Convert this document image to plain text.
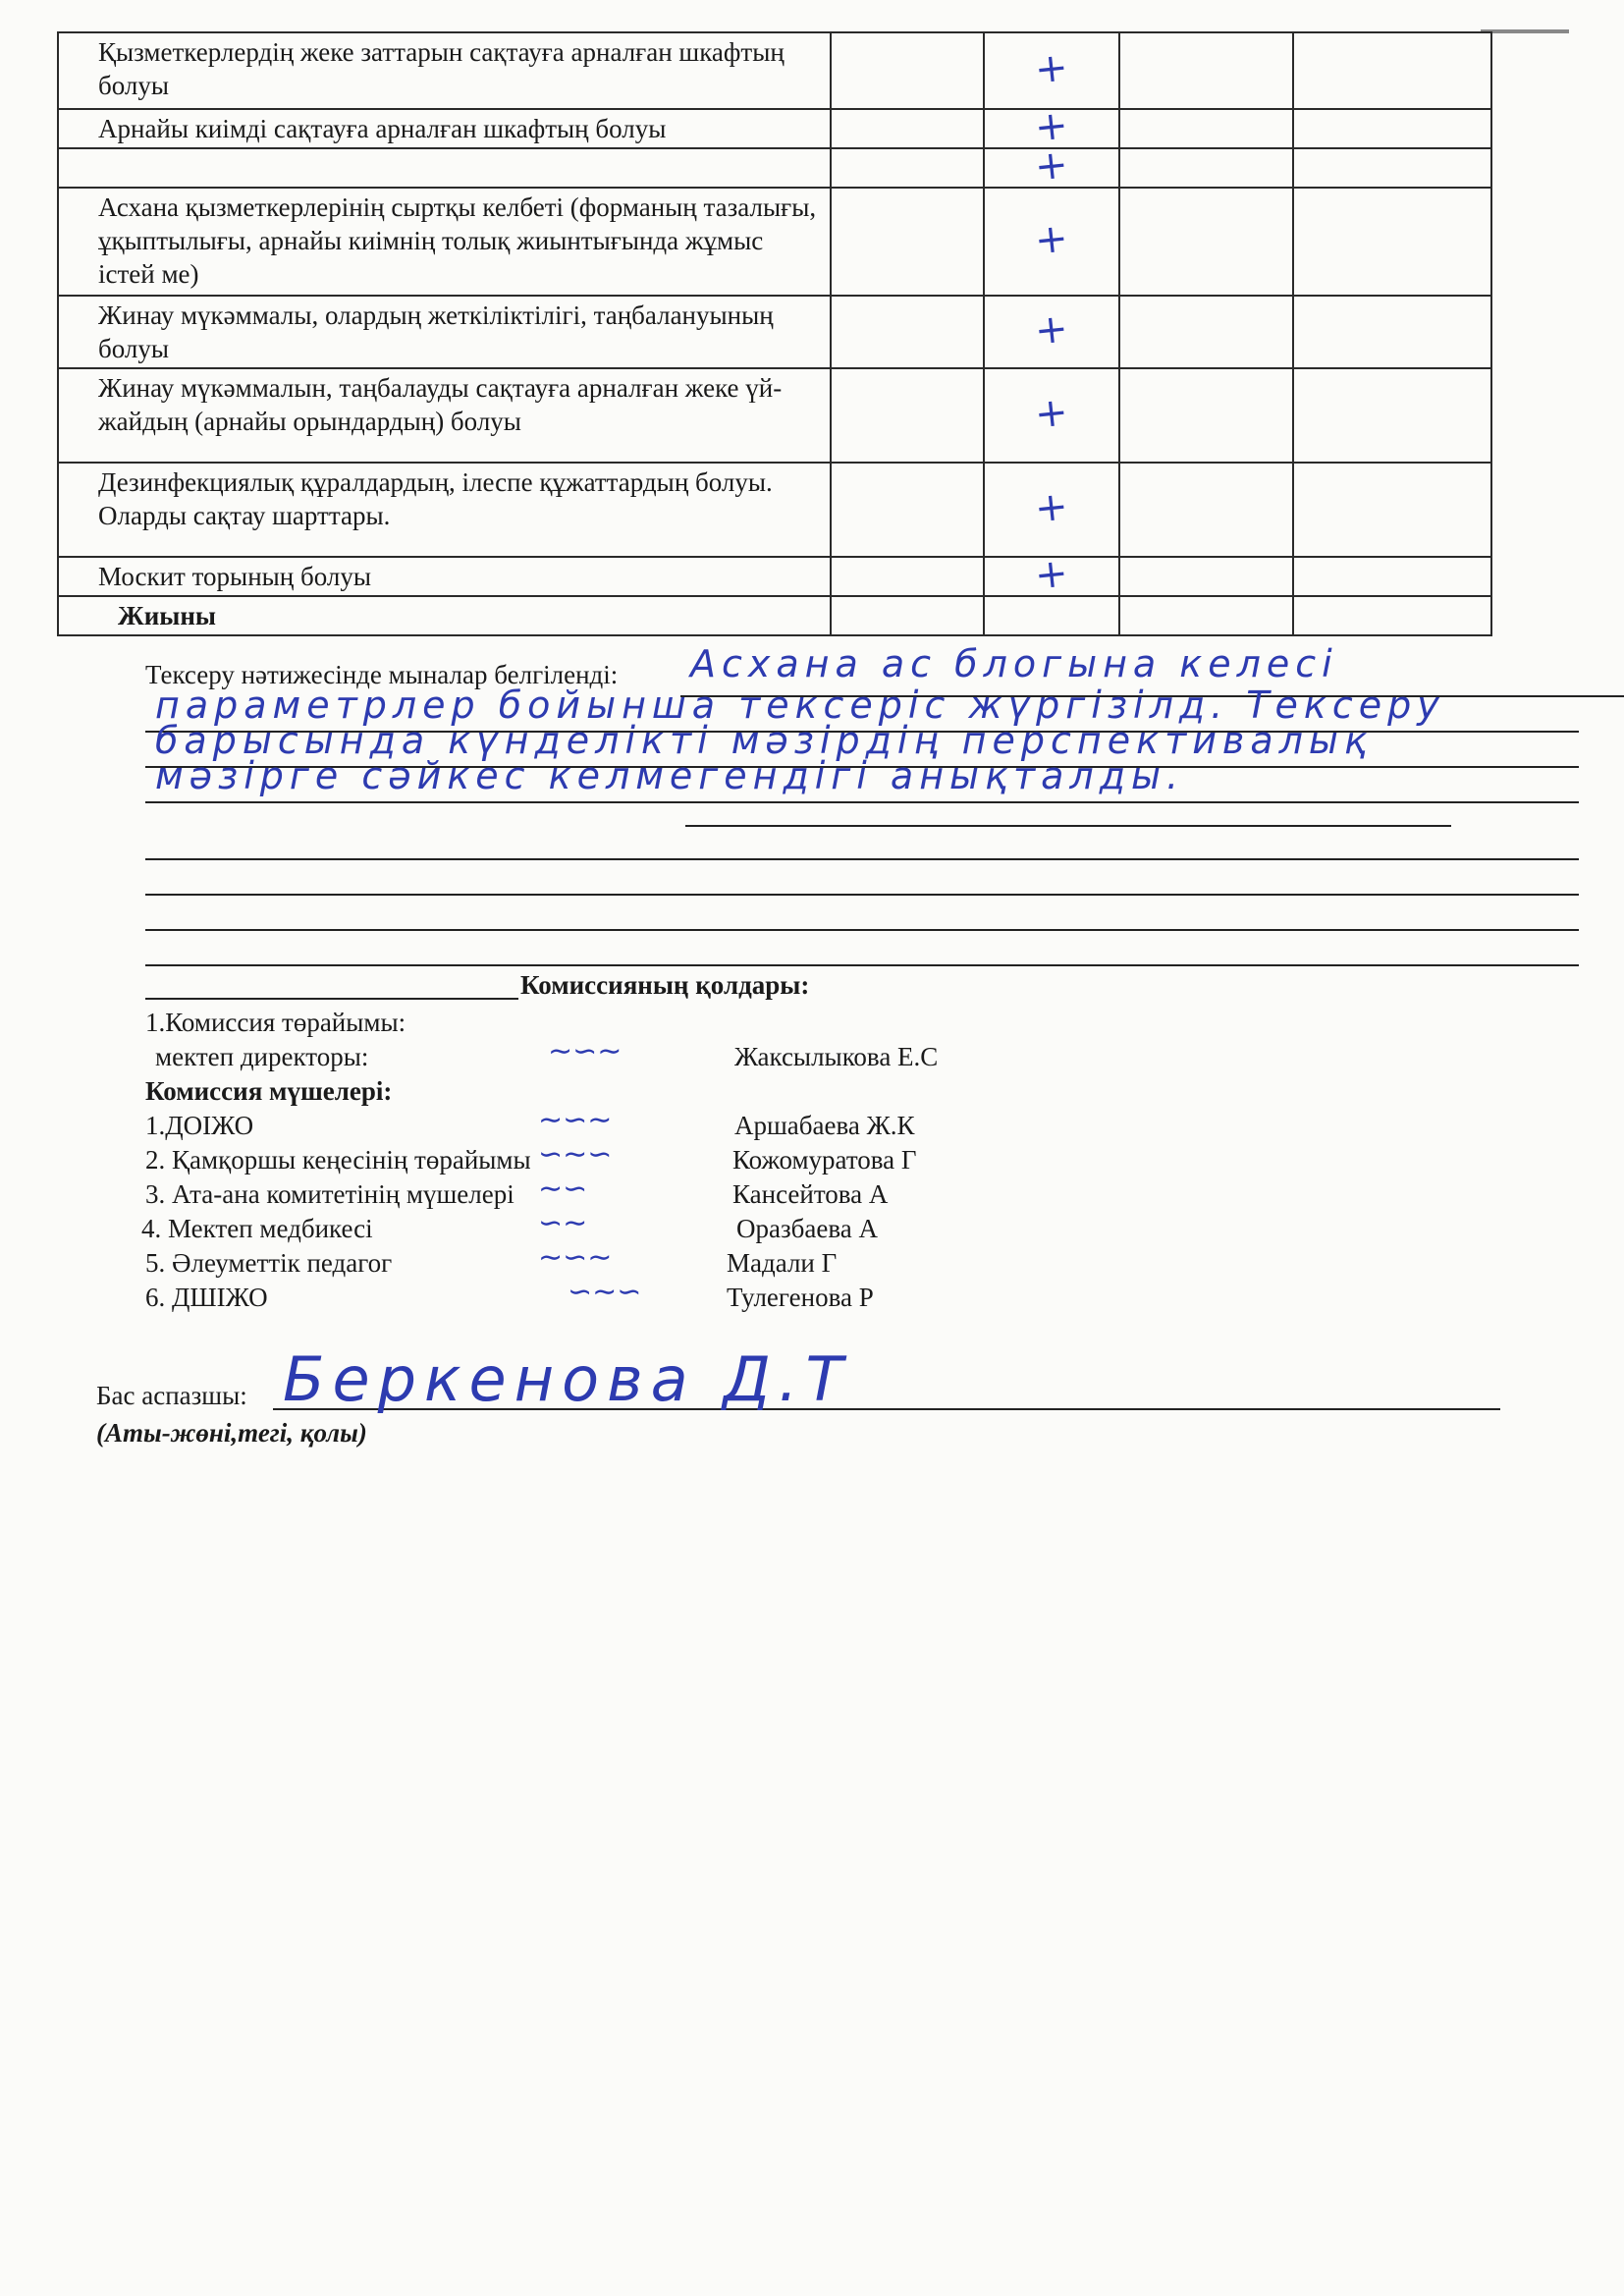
Қызметкерлердің жеке заттарын сақтауға арналған шкафтың болуы		+		
Арнайы киімді сақтауға арналған шкафтың болуы		+		
		+		
Асхана қызметкерлерінің сыртқы келбеті (форманың тазалығы, ұқыптылығы, арнайы киімнің толық жиынтығында жұмыс істей ме)		+		
Жинау мүкәммалы, олардың жеткіліктілігі, таңбалануының болуы		+		
Жинау мүкәммалын, таңбалауды сақтауға арналған жеке үй-жайдың (арнайы орындардың) болуы		+		
Дезинфекциялық құралдардың, ілеспе құжаттардың болуы. Оларды сақтау шарттары.		+		
Москит торының болуы		+		
Жиыны				
Тексеру нәтижесінде мыналар белгіленді: Асхана ас блогына келесі
параметрлер бойынша тексеріс жүргізілд. Тексеру
барысында күнделікті мәзірдің перспективалық
мәзірге сәйкес келмегендігі анықталды.
Комиссияның қолдары:
1.Комиссия төрайымы:
мектеп директоры:	∼∽∼	Жаксылыкова Е.С
Комиссия мүшелері:
1.ДОІЖО	∼∽∼	Аршабаева Ж.К
2. Қамқоршы кеңесінің төрайымы ∽∼∽	Кожомуратова Г
3. Ата-ана комитетінің мүшелері ∼∽	Кансейтова А
4. Мектеп медбикесі	∽∼	Оразбаева А
5. Әлеуметтік педагог	∼∽∼	Мадали Г
6. ДШІЖО	∽∼∽	Тулегенова Р
Бас аспазшы: Беркенова Д.Т
(Аты-жөні,тегі, қолы)
